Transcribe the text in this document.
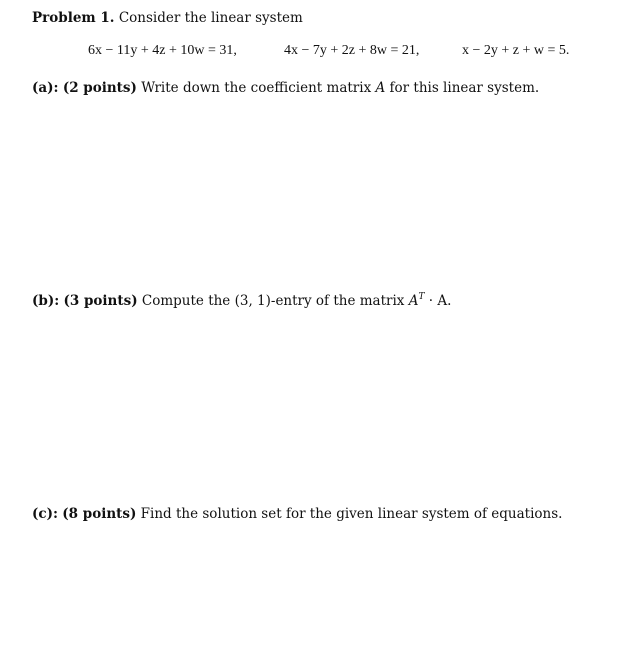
Problem 1. Consider the linear system
6x − 11y + 4z + 10w = 31,	4x − 7y + 2z + 8w = 21,	x − 2y + z + w = 5.
(a): (2 points) Write down the coefficient matrix A for this linear system.
(b): (3 points) Compute the (3, 1)-entry of the matrix $A^T \cdot A$.
(c): (8 points) Find the solution set for the given linear system of equations.
